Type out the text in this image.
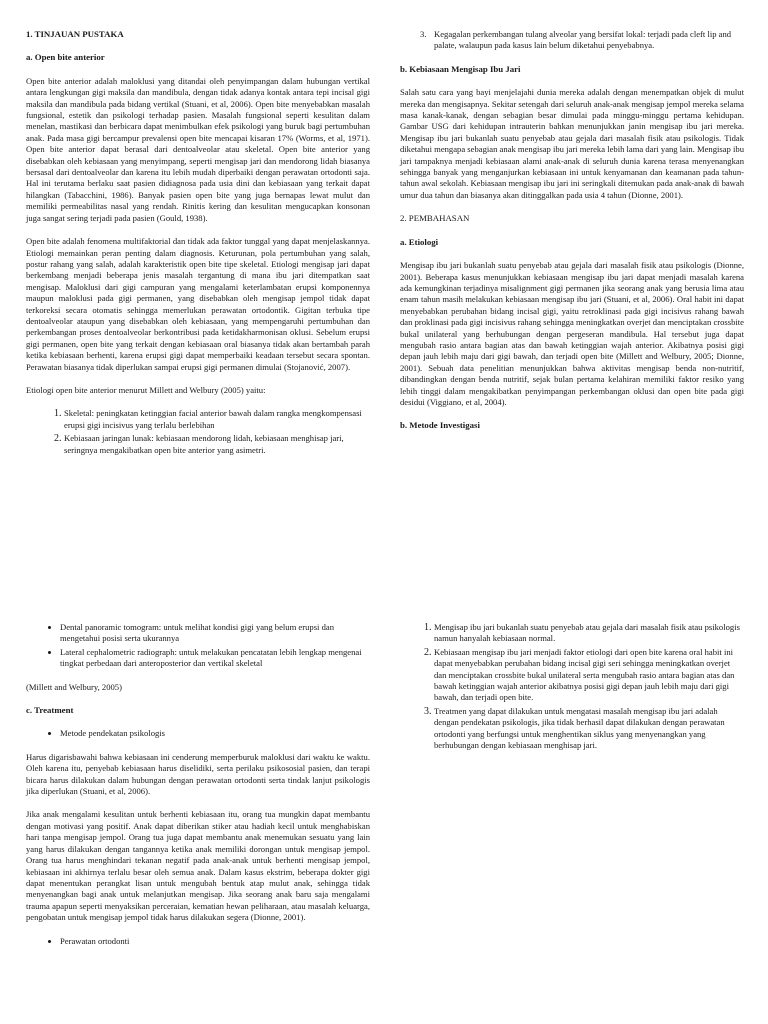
1. TINJAUAN PUSTAKA
a. Open bite anterior

Open bite anterior adalah maloklusi yang ditandai oleh penyimpangan dalam hubungan vertikal antara lengkungan gigi maksila dan mandibula, dengan tidak adanya kontak antara tepi incisal gigi maksila dan mandibula pada bidang vertikal (Stuani, et al, 2006). Open bite menyebabkan masalah fungsional, estetik dan psikologi terhadap pasien. Masalah fungsional seperti kesulitan dalam menelan, mastikasi dan berbicara dapat menimbulkan efek psikologi yang buruk bagi pertumbuhan anak. Pada masa gigi bercampur prevalensi open bite mencapai kisaran 17% (Worms, et al, 1971). Open bite anterior dapat berasal dari dentoalveolar atau skeletal. Open bite anterior yang disebabkan oleh kebiasaan yang menyimpang, seperti mengisap jari dan mendorong lidah biasanya bersasal dari dentoalveolar dan karena itu lebih mudah diperbaiki dengan perawatan ortodonti saja. Hal ini terutama berlaku saat pasien didiagnosa pada usia dini dan kebiasaan yang terkait dapat hilangkan (Tabacchini, 1986). Banyak pasien open bite yang juga bernapas lewat mulut dan memiliki permeabilitas nasal yang rendah. Rinitis kering dan kesulitan mengucapkan konsonan juga sangat sering terjadi pada pasien (Gould, 1938).

Open bite adalah fenomena multifaktorial dan tidak ada faktor tunggal yang dapat menjelaskannya. Etiologi memainkan peran penting dalam diagnosis. Keturunan, pola pertumbuhan yang salah, postur rahang yang salah, adalah karakteristik open bite tipe skeletal. Etiologi mengisap jari dapat berkembang menjadi beberapa jenis masalah tergantung di mana ibu jari ditempatkan saat mengisap. Maloklusi dari gigi campuran yang mengalami keterlambatan erupsi komponennya maupun maloklusi pada gigi permanen, yang disebabkan oleh mengisap jempol tidak dapat terkoreksi secara otomatis sehingga memerlukan perawatan ortodontik. Gigitan terbuka tipe dentoalveolar ataupun yang disebabkan oleh kebiasaan, yang mempengaruhi pertumbuhan dan perkembangan proses dentoalveolar berkontribusi pada ketidakharmonisan oklusi. Sebelum erupsi gigi permanen, open bite yang terkait dengan kebiasaan oral biasanya tidak akan bertambah parah ketika kebiasaan berhenti, karena erupsi gigi dapat memperbaiki keadaan tersebut secara spontan. Perawatan biasanya tidak diperlukan sampai erupsi gigi permanen dimulai (Stojanović, 2007).

Etiologi open bite anterior menurut Millett and Welbury (2005) yaitu:

1. Skeletal: peningkatan ketinggian facial anterior bawah dalam rangka mengkompensasi erupsi gigi incisivus yang terlalu berlebihan
2. Kebiasaan jaringan lunak: kebiasaan mendorong lidah, kebiasaan menghisap jari, seringnya mengakibatkan open bite anterior yang asimetri.
3. Kegagalan perkembangan tulang alveolar yang bersifat lokal: terjadi pada cleft lip and palate, walaupun pada kasus lain belum diketahui penyebabnya.
b. Kebiasaan Mengisap Ibu Jari

Salah satu cara yang bayi menjelajahi dunia mereka adalah dengan menempatkan objek di mulut mereka dan mengisapnya. Sekitar setengah dari seluruh anak-anak mengisap jempol mereka selama masa kanak-kanak, dengan sebagian besar dimulai pada minggu-minggu pertama kehidupan. Gambar USG dari kehidupan intrauterin bahkan menunjukkan janin mengisap ibu jari mereka. Mengisap ibu jari bukanlah suatu penyebab atau gejala dari masalah fisik atau psikologis. Tidak diketahui mengapa sebagian anak mengisap ibu jari mereka lebih lama dari yang lain. Mengisap ibu jari tampaknya menjadi kebiasaan alami anak-anak di seluruh dunia karena terasa menyenangkan sehingga banyak yang menganjurkan kebiasaan ini untuk kenyamanan dan keamanan pada tahun-tahun awal sekolah. Kebiasaan mengisap ibu jari ini seringkali ditemukan pada anak-anak di bawah umur dua tahun dan biasanya akan ditinggalkan pada usia 4 tahun (Dionne, 2001).

2. PEMBAHASAN
a. Etiologi

Mengisap ibu jari bukanlah suatu penyebab atau gejala dari masalah fisik atau psikologis (Dionne, 2001). Beberapa kasus menunjukkan kebiasaan mengisap ibu jari dapat menjadi masalah karena ada kemungkinan terjadinya misalignment gigi permanen jika seorang anak yang berusia lima atau enam tahun masih melakukan kebiasaan mengisap ibu jari (Stuani, et al, 2006). Oral habit ini dapat menyebabkan perubahan bidang incisal gigi, yaitu retroklinasi pada gigi incisivus rahang bawah dan proklinasi pada gigi incisivus rahang sehingga meningkatkan overjet dan menciptakan crossbite bukal unilateral yang berhubungan dengan pergeseran mandibula. Hal tersebut juga dapat mengubah rasio antara bagian atas dan bawah ketinggian wajah anterior. Akibatnya posisi gigi depan jauh lebih maju dari gigi bawah, dan terjadi open bite (Millett and Welbury, 2005; Dionne, 2001). Sebuah data penelitian menunjukkan bahwa aktivitas mengisap benda non-nutritif, dibandingkan dengan benda nutritif, sejak bulan pertama kelahiran memiliki faktor resiko yang lebih tinggi dalam mengakibatkan penyimpangan perkembangan oklusi dan open bite pada gigi desidui (Viggiano, et al, 2004).

b. Metode Investigasi
• Dental panoramic tomogram: untuk melihat kondisi gigi yang belum erupsi dan mengetahui posisi serta ukurannya
• Lateral cephalometric radiograph: untuk melakukan pencatatan lebih lengkap mengenai tingkat perbedaan dari anteroposterior dan vertikal skeletal

(Millett and Welbury, 2005)

c. Treatment
• Metode pendekatan psikologis

Harus digarisbawahi bahwa kebiasaan ini cenderung memperburuk maloklusi dari waktu ke waktu. Oleh karena itu, penyebab kebiasaan harus diselidiki, serta perilaku psikososial pasien, dan terapi bicara harus dilakukan dalam hubungan dengan perawatan ortodonti serta tindak lanjut psikologis jika diperlukan (Stuani, et al, 2006).

Jika anak mengalami kesulitan untuk berhenti kebiasaan itu, orang tua mungkin dapat membantu dengan motivasi yang positif. Anak dapat diberikan stiker atau hadiah kecil untuk menghabiskan hari tanpa mengisap jempol. Orang tua juga dapat membantu anak menemukan sesuatu yang lain yang harus dilakukan dengan tangannya ketika anak memiliki dorongan untuk mengisap jempol. Orang tua harus menghindari tekanan negatif pada anak-anak untuk berhenti mengisap jempol, kebiasaan ini akhirnya terlalu besar oleh semua anak. Dalam kasus ekstrim, beberapa dokter gigi dapat menentukan perangkat lisan untuk mengubah bentuk atap mulut anak, sehingga tidak menyenangkan bagi anak untuk melanjutkan mengisap. Jika seorang anak baru saja mengalami trauma apapun seperti menyaksikan perceraian, kematian hewan peliharaan, atau masalah keluarga, pengobatan untuk mengisap jempol tidak harus dilakukan segera (Dionne, 2001).

• Perawatan ortodonti
1. Mengisap ibu jari bukanlah suatu penyebab atau gejala dari masalah fisik atau psikologis namun hanyalah kebiasaan normal.
2. Kebiasaan mengisap ibu jari menjadi faktor etiologi dari open bite karena oral habit ini dapat menyebabkan perubahan bidang incisal gigi seri sehingga meningkatkan overjet dan menciptakan crossbite bukal unilateral serta mengubah rasio antara bagian atas dan bawah ketinggian wajah anterior akibatnya posisi gigi depan jauh lebih maju dari gigi bawah, dan terjadi open bite.
3. Treatmen yang dapat dilakukan untuk mengatasi masalah mengisap ibu jari adalah dengan pendekatan psikologis, jika tidak berhasil dapat dilakukan dengan perawatan ortodonti yang berfungsi untuk menghentikan siklus yang menyenangkan yang berhubungan dengan kebiasaan menghisap jari.
